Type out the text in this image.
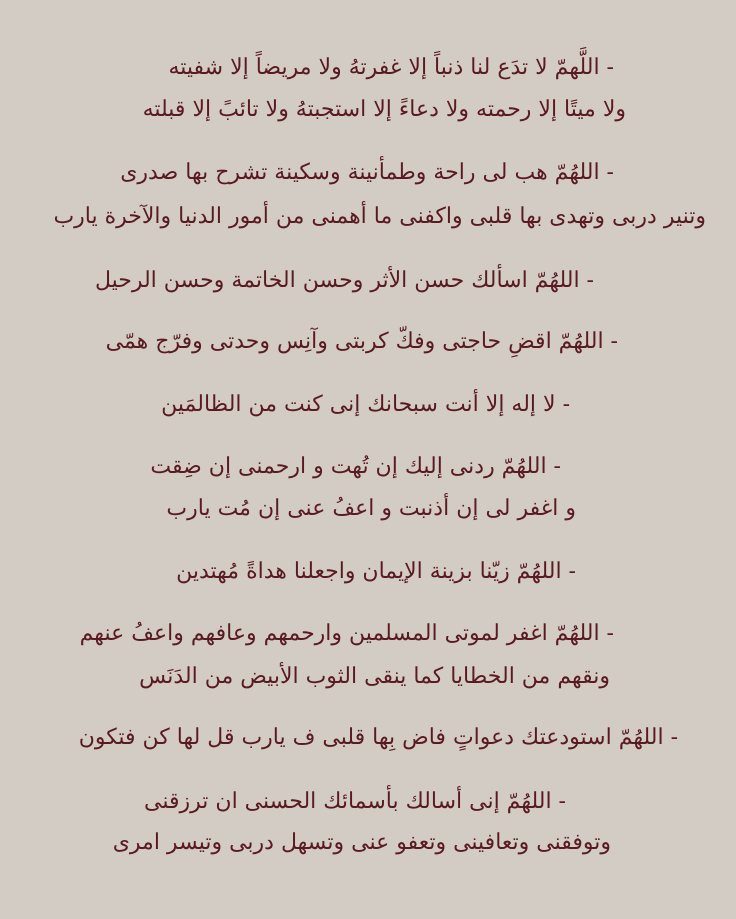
- اللَّهمّ لا تدَع لنا ذنباً إلا غفرتهُ ولا مريضاً إلا شفيته
ولا ميتًا إلا رحمته ولا دعاءً إلا استجبتهُ ولا تائبً إلا قبلته
- اللهُمّ هب لى راحة وطمأنينة وسكينة تشرح بها صدرى
وتنير دربى وتهدى بها قلبى واكفنى ما أهمنى من أمور الدنيا والآخرة يارب
- اللهُمّ اسألك حسن الأثر وحسن الخاتمة وحسن الرحيل
- اللهُمّ اقضِ حاجتى وفكّ كربتى وآنِس وحدتى وفرّج همّى
- لا إله إلا أنت سبحانك إنى كنت من الظالمَين
- اللهُمّ ردنى إليك إن تُهت و ارحمنى إن ضِقت
و اغفر لى إن أذنبت و اعفُ عنى إن مُت يارب
- اللهُمّ زيّنا بزينة الإيمان واجعلنا هداةً مُهتدين
- اللهُمّ اغفر لموتى المسلمين وارحمهم وعافهم واعفُ عنهم
ونقهم من الخطايا كما ينقى الثوب الأبيض من الدَنَس
- اللهُمّ استودعتك دعواتٍ فاض بِها قلبى ف يارب قل لها كن فتكون
- اللهُمّ إنى أسالك بأسمائك الحسنى ان ترزقنى
وتوفقنى وتعافينى وتعفو عنى وتسهل دربى وتيسر امرى
